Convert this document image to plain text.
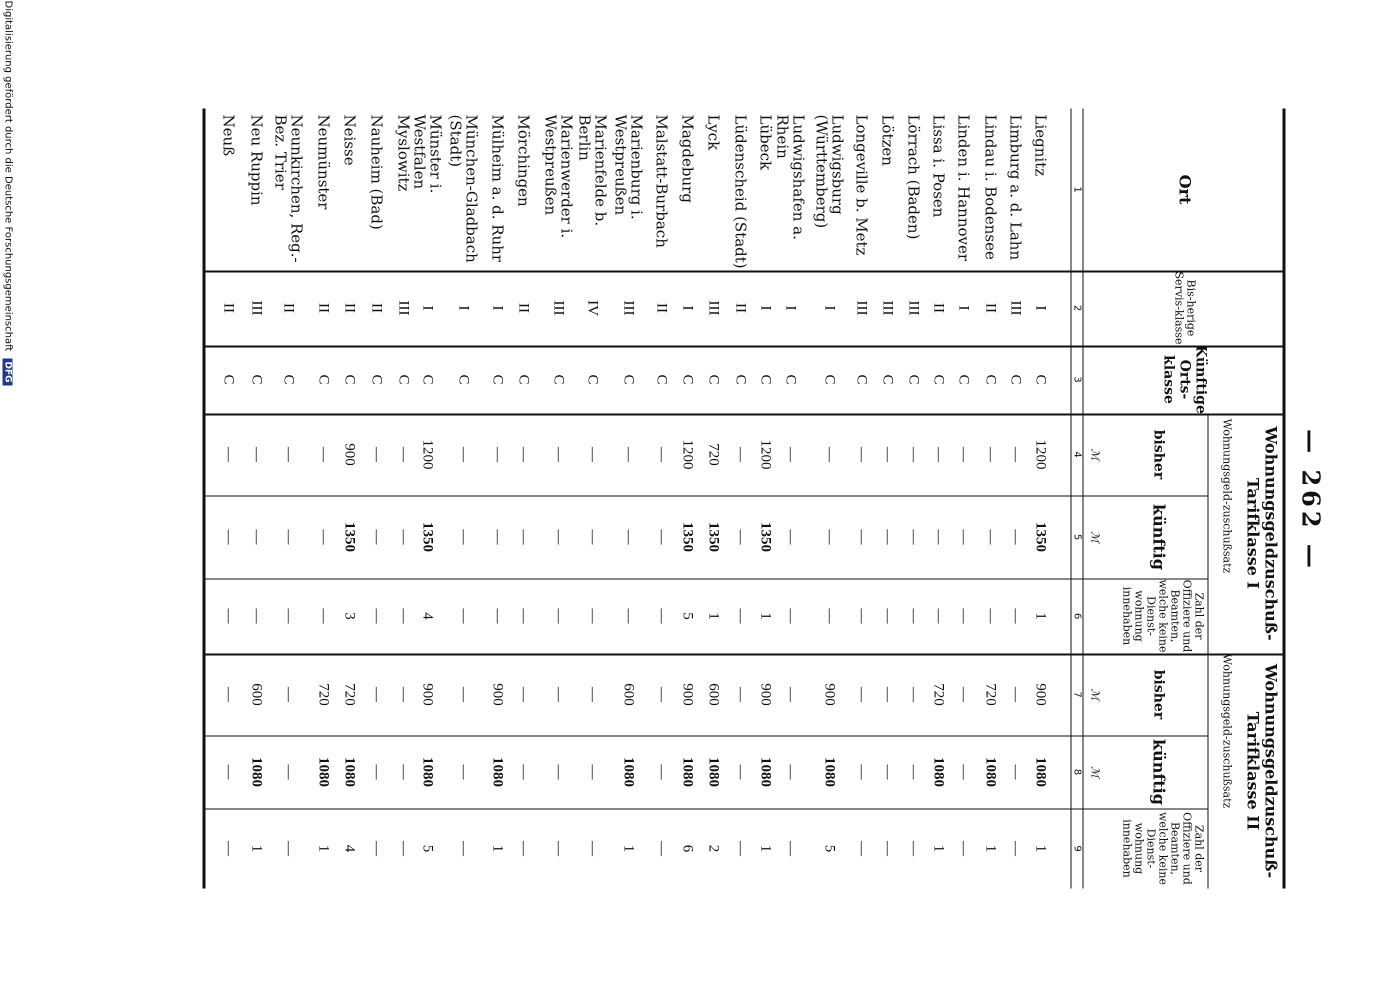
— 262 —
Ort
Bis-herige Servis-klasse
Künftige Orts-klasse
Wohnungsgeldzuschuß-Tarifklasse I
Wohnungsgeld-zuschußsatz
Wohnungsgeldzuschuß-Tarifklasse II
Wohnungsgeld-zuschußsatz
bisher
künftig
Zahl der Offiziere und Beamten, welche keine Dienst-wohnung innehaben
bisher
künftig
Zahl der Offiziere und Beamten, welche keine Dienst-wohnung innehaben
ℳ
ℳ
ℳ
ℳ
1
2
3
4
5
6
7
8
9
Liegnitz
I
C
1200
1350
1
900
1080
1
Limburg a. d. Lahn
III
C
—
—
—
—
—
—
Lindau i. Bodensee
II
C
—
—
—
720
1080
1
Linden i. Hannover
I
C
—
—
—
—
—
—
Lissa i. Posen
II
C
—
—
—
720
1080
1
Lörrach (Baden)
III
C
—
—
—
—
—
—
Lötzen
III
C
—
—
—
—
—
—
Longeville b. Metz
III
C
—
—
—
—
—
—
Ludwigsburg (Württemberg)
I
C
—
—
—
900
1080
5
Ludwigshafen a. Rhein
I
C
—
—
—
—
—
—
Lübeck
I
C
1200
1350
1
900
1080
1
Lüdenscheid (Stadt)
II
C
—
—
—
—
—
—
Lyck
III
C
720
1350
1
600
1080
2
Magdeburg
I
C
1200
1350
5
900
1080
6
Malstatt-Burbach
II
C
—
—
—
—
—
—
Marienburg i. Westpreußen
III
C
—
—
—
600
1080
1
Marienfelde b. Berlin
IV
C
—
—
—
—
—
—
Marienwerder i. Westpreußen
III
C
—
—
—
—
—
—
Mörchingen
II
C
—
—
—
—
—
—
Mülheim a. d. Ruhr
I
C
—
—
—
900
1080
1
München-Gladbach (Stadt)
I
C
—
—
—
—
—
—
Münster i. Westfalen
I
C
1200
1350
4
900
1080
5
Myslowitz
III
C
—
—
—
—
—
—
Nauheim (Bad)
II
C
—
—
—
—
—
—
Neisse
II
C
900
1350
3
720
1080
4
Neumünster
II
C
—
—
—
720
1080
1
Neunkirchen, Reg.-Bez. Trier
II
C
—
—
—
—
—
—
Neu Ruppin
III
C
—
—
—
600
1080
1
Neuß
II
C
—
—
—
—
—
—
Digitalisierung gefördert durch die Deutsche Forschungsgemeinschaft DFG
